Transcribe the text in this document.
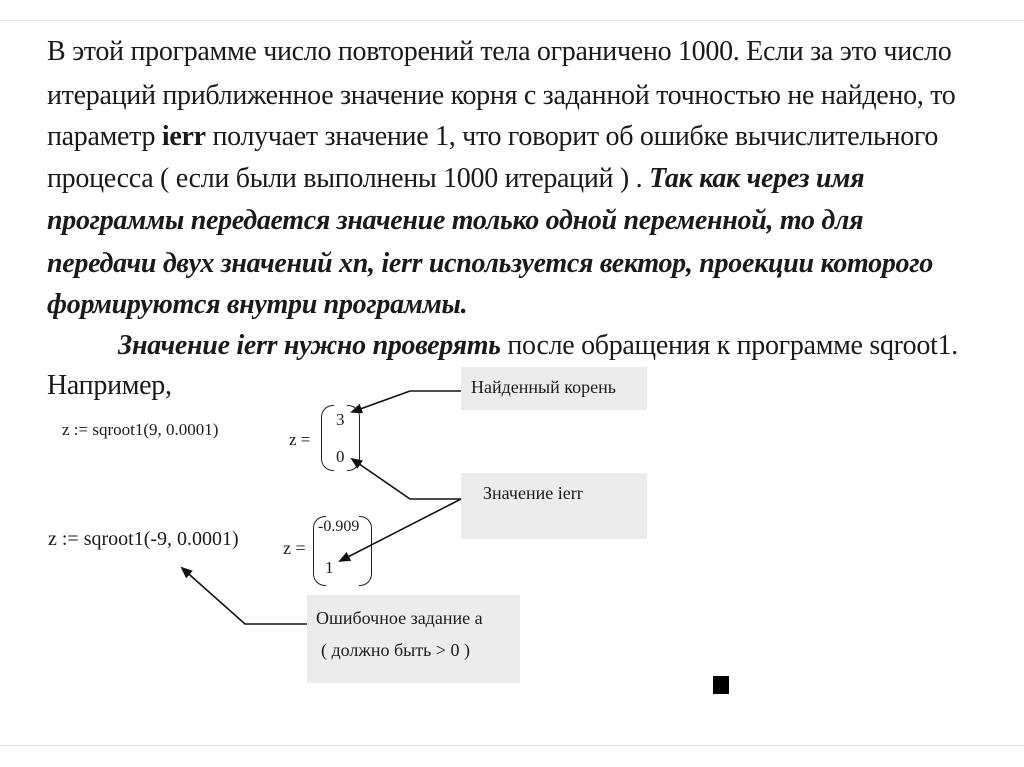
В этой программе число повторений тела ограничено 1000. Если за это число
итераций приближенное значение корня с заданной точностью не найдено, то
параметр ierr получает значение 1, что говорит об ошибке вычислительного
процесса ( если были выполнены 1000 итераций ) . Так как через имя
программы передается значение только одной переменной, то для
передачи двух значений xn, ierr используется вектор, проекции которого
формируются внутри программы.
Значение ierr нужно проверять после обращения к программе sqroot1.
Например,
z := sqroot1(9, 0.0001)
z =
3
0
z := sqroot1(-9, 0.0001) z =
-0.909
1
Найденный корень
Значение ierr
Ошибочное задание a
( должно быть > 0 )
